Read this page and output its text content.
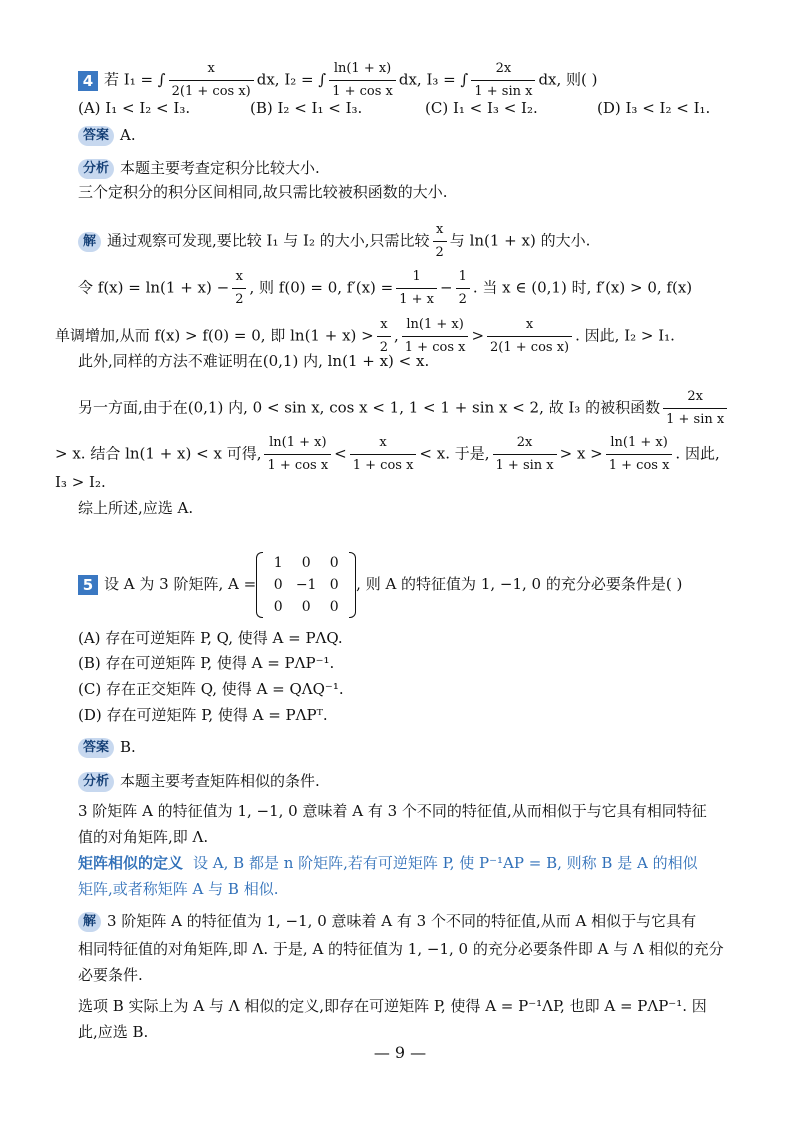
4 若 I₁ = ∫ $\frac{x}{\text{2(1 + cos x)}}$ dx, I₂ = ∫ $\frac{\ln(1 + x)}{\text{1 + cos x}}$ dx, I₃ = ∫ $\frac{2x}{\text{1 + sin x}}$ dx, 则( )
(A) I₁ < I₂ < I₃.	(B) I₂ < I₁ < I₃.	(C) I₁ < I₃ < I₂.	(D) I₃ < I₂ < I₁.
答案 A.
分析 本题主要考查定积分比较大小.
三个定积分的积分区间相同,故只需比较被积函数的大小.
解 通过观察可发现,要比较 I₁ 与 I₂ 的大小,只需比较 $\frac{x}{2}$ 与 ln(1 + x) 的大小.
令 $f(x) = \ln(1 + x) - \frac{x}{2}$ , 则 f(0) = 0, $f'(x) = \frac{1}{1 + x} - \frac{1}{2}$ . 当 x ∈ (0,1) 时, f′(x) > 0, f(x)
单调增加,从而 f(x) > f(0) = 0, 即 $\ln(1 + x) > \frac{x}{2}$ , $\frac{\ln(1 + x)}{\text{1 + cos x}} > \frac{x}{\text{2(1 + cos x)}}$ . 因此, I₂ > I₁.
此外,同样的方法不难证明在(0,1) 内, ln(1 + x) < x.
另一方面,由于在(0,1) 内, 0 < sin x, cos x < 1, 1 < 1 + sin x < 2, 故 I₃ 的被积函数 $\frac{2x}{\text{1 + sin x}}$
> x. 结合 ln(1 + x) < x 可得, $\frac{\ln(1 + x)}{\text{1 + cos x}} < \frac{x}{\text{1 + cos x}} < x$. 于是, $\frac{2x}{\text{1 + sin x}} > x > \frac{\ln(1 + x)}{\text{1 + cos x}}$ . 因此,
I₃ > I₂.
综上所述,应选 A.
5 设 A 为 3 阶矩阵, A =
1	0	0
0	−1	0
0	0	0
, 则 A 的特征值为 1, −1, 0 的充分必要条件是( )
(A) 存在可逆矩阵 P, Q, 使得 A = PΛQ.
(B) 存在可逆矩阵 P, 使得 A = PΛP⁻¹.
(C) 存在正交矩阵 Q, 使得 A = QΛQ⁻¹.
(D) 存在可逆矩阵 P, 使得 A = PΛPᵀ.
答案 B.
分析 本题主要考查矩阵相似的条件.
3 阶矩阵 A 的特征值为 1, −1, 0 意味着 A 有 3 个不同的特征值,从而相似于与它具有相同特征
值的对角矩阵,即 Λ.
矩阵相似的定义 设 A, B 都是 n 阶矩阵,若有可逆矩阵 P, 使 P⁻¹AP = B, 则称 B 是 A 的相似
矩阵,或者称矩阵 A 与 B 相似.
解 3 阶矩阵 A 的特征值为 1, −1, 0 意味着 A 有 3 个不同的特征值,从而 A 相似于与它具有
相同特征值的对角矩阵,即 Λ. 于是, A 的特征值为 1, −1, 0 的充分必要条件即 A 与 Λ 相似的充分
必要条件.
选项 B 实际上为 A 与 Λ 相似的定义,即存在可逆矩阵 P, 使得 A = P⁻¹ΛP, 也即 A = PΛP⁻¹. 因
此,应选 B.
— 9 —
